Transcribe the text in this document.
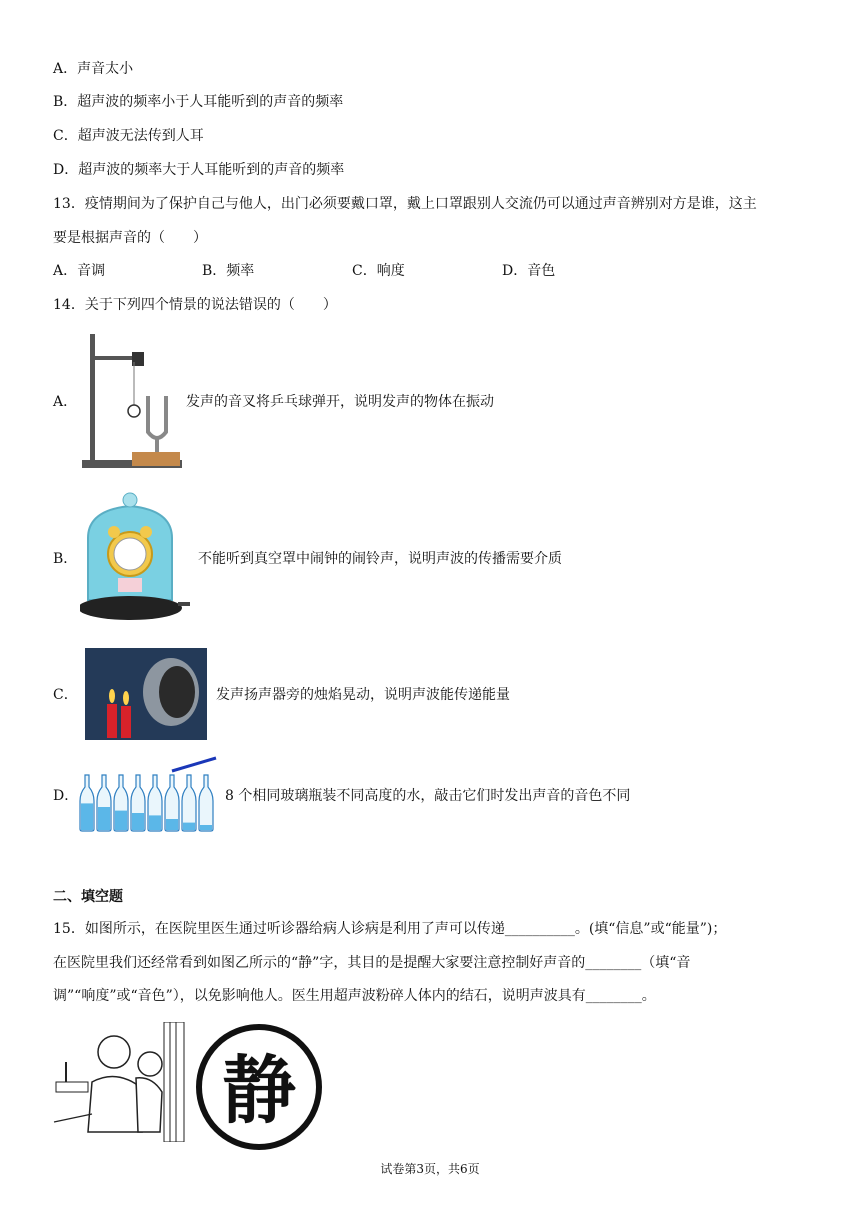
A．声音太小
B．超声波的频率小于人耳能听到的声音的频率
C．超声波无法传到人耳
D．超声波的频率大于人耳能听到的声音的频率
13．疫情期间为了保护自己与他人，出门必须要戴口罩，戴上口罩跟别人交流仍可以通过声音辨别对方是谁，这主
要是根据声音的（　　）
A．音调	B．频率	C．响度	D．音色
14．关于下列四个情景的说法错误的（　　）
A．	发声的音叉将乒乓球弹开，说明发声的物体在振动
B．	不能听到真空罩中闹钟的闹铃声，说明声波的传播需要介质
C．	发声扬声器旁的烛焰晃动，说明声波能传递能量
D．	8 个相同玻璃瓶装不同高度的水，敲击它们时发出声音的音色不同
二、填空题
15．如图所示，在医院里医生通过听诊器给病人诊病是利用了声可以传递__________。(填“信息”或“能量”)；
在医院里我们还经常看到如图乙所示的“静”字，其目的是提醒大家要注意控制好声音的________（填“音
调”“响度”或“音色”），以免影响他人。医生用超声波粉碎人体内的结石，说明声波具有________。
静
试卷第3页，共6页
